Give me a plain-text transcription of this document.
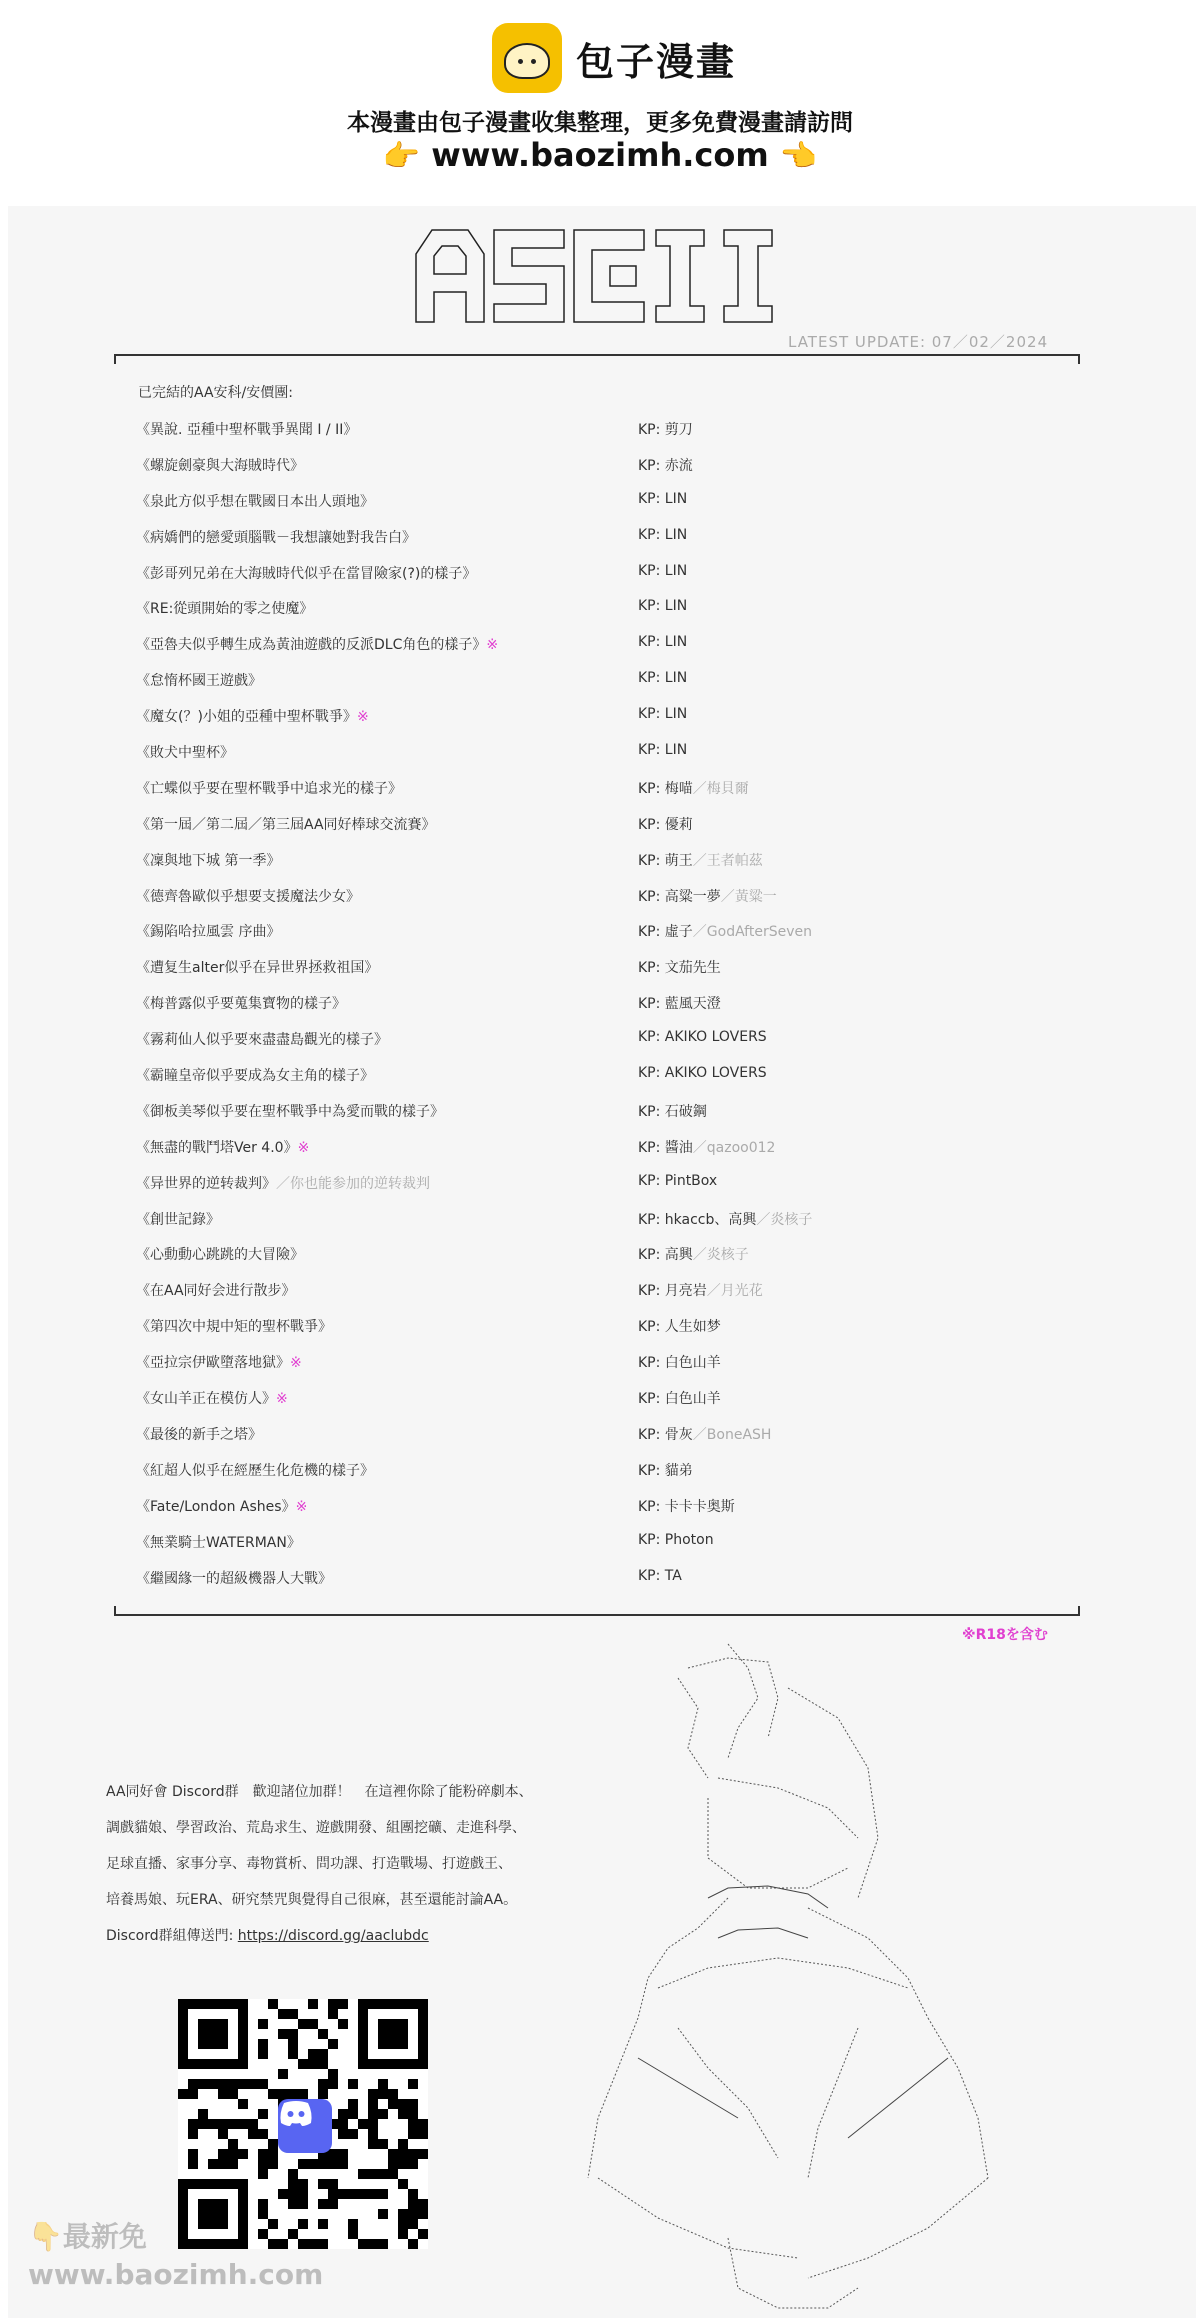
包子漫畫
本漫畫由包子漫畫收集整理，更多免費漫畫請訪問
👉 www.baozimh.com 👈
LATEST UPDATE: 07／02／2024
已完結的AA安科/安價團:
《異說. 亞種中聖杯戰爭異聞 I / II》	KP: 剪刀
《螺旋劍豪與大海賊時代》	KP: 赤流
《泉此方似乎想在戰國日本出人頭地》	KP: LIN
《病嬌們的戀愛頭腦戰－我想讓她對我告白》	KP: LIN
《彭哥列兄弟在大海賊時代似乎在當冒險家(?)的樣子》	KP: LIN
《RE:從頭開始的零之使魔》	KP: LIN
《亞魯夫似乎轉生成為黃油遊戲的反派DLC角色的樣子》※	KP: LIN
《怠惰杯國王遊戲》	KP: LIN
《魔女(？)小姐的亞種中聖杯戰爭》※	KP: LIN
《敗犬中聖杯》	KP: LIN
《亡蝶似乎要在聖杯戰爭中追求光的樣子》	KP: 梅喵／梅貝爾
《第一屆／第二屆／第三屆AA同好棒球交流賽》	KP: 優莉
《凜與地下城 第一季》	KP: 萌王／王者帕茲
《德齊魯歐似乎想要支援魔法少女》	KP: 高粱一夢／黃粱一
《錫陷哈拉風雲 序曲》	KP: 虛子／GodAfterSeven
《遭复生alter似乎在异世界拯救祖国》	KP: 文茄先生
《梅普露似乎要蒐集寶物的樣子》	KP: 藍風天澄
《霧莉仙人似乎要來盡盡島觀光的樣子》	KP: AKIKO LOVERS
《霸瞳皇帝似乎要成為女主角的樣子》	KP: AKIKO LOVERS
《御板美琴似乎要在聖杯戰爭中為愛而戰的樣子》	KP: 石破鋼
《無盡的戰鬥塔Ver 4.0》※	KP: 醬油／qazoo012
《异世界的逆转裁判》／你也能参加的逆转裁判	KP: PintBox
《創世記錄》	KP: hkaccb、高興／炎核子
《心動動心跳跳的大冒險》	KP: 高興／炎核子
《在AA同好会进行散步》	KP: 月亮岩／月光花
《第四次中規中矩的聖杯戰爭》	KP: 人生如梦
《亞拉宗伊歐墮落地獄》※	KP: 白色山羊
《女山羊正在模仿人》※	KP: 白色山羊
《最後的新手之塔》	KP: 骨灰／BoneASH
《紅超人似乎在經歷生化危機的樣子》	KP: 貓弟
《Fate/London Ashes》※	KP: 卡卡卡奥斯
《無業騎士WATERMAN》	KP: Photon
《繼國緣一的超級機器人大戰》	KP: TA
※R18を含む
AA同好會 Discord群　歡迎諸位加群！　在這裡你除了能粉碎劇本、
調戲貓娘、學習政治、荒島求生、遊戲開發、組團挖礦、走進科學、
足球直播、家事分享、毒物賞析、問功課、打造戰場、打遊戲王、
培養馬娘、玩ERA、研究禁咒與覺得自己很麻，甚至還能討論AA。
Discord群組傳送門: https://discord.gg/aaclubdc
👇最新免
www.baozimh.com
